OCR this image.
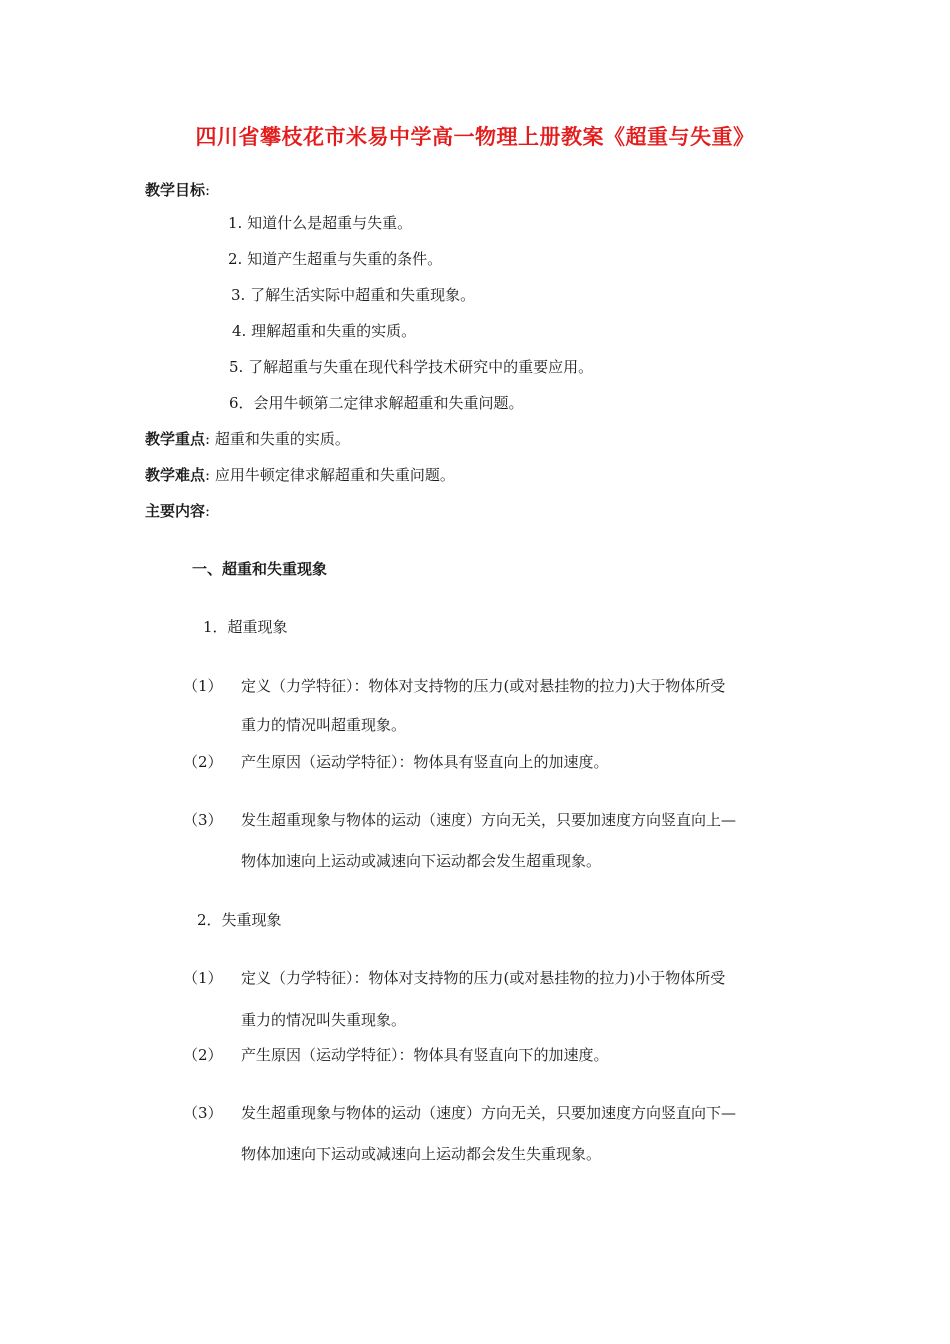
四川省攀枝花市米易中学高一物理上册教案《超重与失重》
教学目标:
1. 知道什么是超重与失重。
2. 知道产生超重与失重的条件。
3. 了解生活实际中超重和失重现象。
4. 理解超重和失重的实质。
5. 了解超重与失重在现代科学技术研究中的重要应用。
6．会用牛顿第二定律求解超重和失重问题。
教学重点: 超重和失重的实质。
教学难点: 应用牛顿定律求解超重和失重问题。
主要内容:
一、超重和失重现象
1．超重现象
（1） 定义（力学特征）：物体对支持物的压力(或对悬挂物的拉力)大于物体所受
重力的情况叫超重现象。
（2） 产生原因（运动学特征）：物体具有竖直向上的加速度。
（3） 发生超重现象与物体的运动（速度）方向无关，只要加速度方向竖直向上—
物体加速向上运动或减速向下运动都会发生超重现象。
2．失重现象
（1） 定义（力学特征）：物体对支持物的压力(或对悬挂物的拉力)小于物体所受
重力的情况叫失重现象。
（2） 产生原因（运动学特征）：物体具有竖直向下的加速度。
（3） 发生超重现象与物体的运动（速度）方向无关，只要加速度方向竖直向下—
物体加速向下运动或减速向上运动都会发生失重现象。
